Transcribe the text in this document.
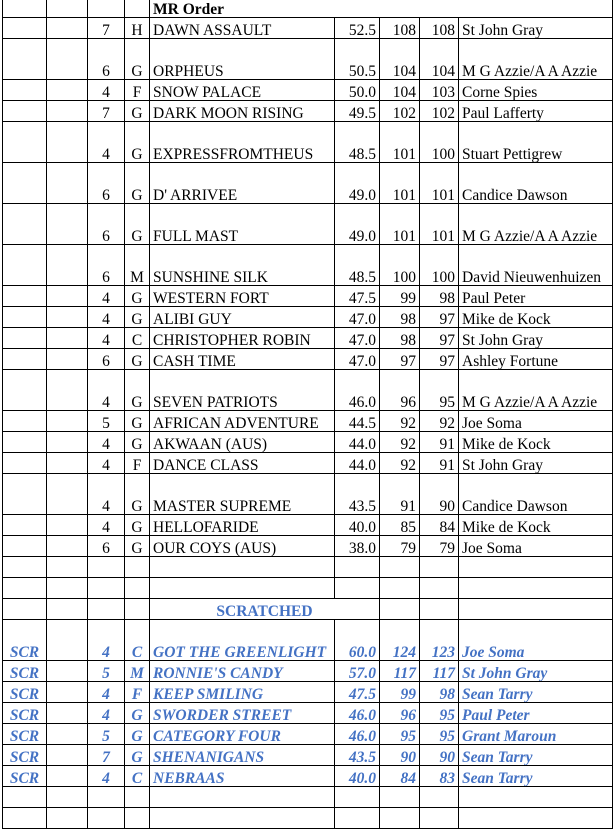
				MR Order				
		7	H	DAWN ASSAULT	52.5	108	108	St John Gray
		6	G	ORPHEUS	50.5	104	104	M G Azzie/A A Azzie
		4	F	SNOW PALACE	50.0	104	103	Corne Spies
		7	G	DARK MOON RISING	49.5	102	102	Paul Lafferty
		4	G	EXPRESSFROMTHEUS	48.5	101	100	Stuart Pettigrew
		6	G	D' ARRIVEE	49.0	101	101	Candice Dawson
		6	G	FULL MAST	49.0	101	101	M G Azzie/A A Azzie
		6	M	SUNSHINE SILK	48.5	100	100	David Nieuwenhuizen
		4	G	WESTERN FORT	47.5	99	98	Paul Peter
		4	G	ALIBI GUY	47.0	98	97	Mike de Kock
		4	C	CHRISTOPHER ROBIN	47.0	98	97	St John Gray
		6	G	CASH TIME	47.0	97	97	Ashley Fortune
		4	G	SEVEN PATRIOTS	46.0	96	95	M G Azzie/A A Azzie
		5	G	AFRICAN ADVENTURE	44.5	92	92	Joe Soma
		4	G	AKWAAN (AUS)	44.0	92	91	Mike de Kock
		4	F	DANCE CLASS	44.0	92	91	St John Gray
		4	G	MASTER SUPREME	43.5	91	90	Candice Dawson
		4	G	HELLOFARIDE	40.0	85	84	Mike de Kock
		6	G	OUR COYS (AUS)	38.0	79	79	Joe Soma

				SCRATCHED				
SCR		4	C	GOT THE GREENLIGHT	60.0	124	123	Joe Soma
SCR		5	M	RONNIE'S CANDY	57.0	117	117	St John Gray
SCR		4	F	KEEP SMILING	47.5	99	98	Sean Tarry
SCR		4	G	SWORDER STREET	46.0	96	95	Paul Peter
SCR		5	G	CATEGORY FOUR	46.0	95	95	Grant Maroun
SCR		7	G	SHENANIGANS	43.5	90	90	Sean Tarry
SCR		4	C	NEBRAAS	40.0	84	83	Sean Tarry
